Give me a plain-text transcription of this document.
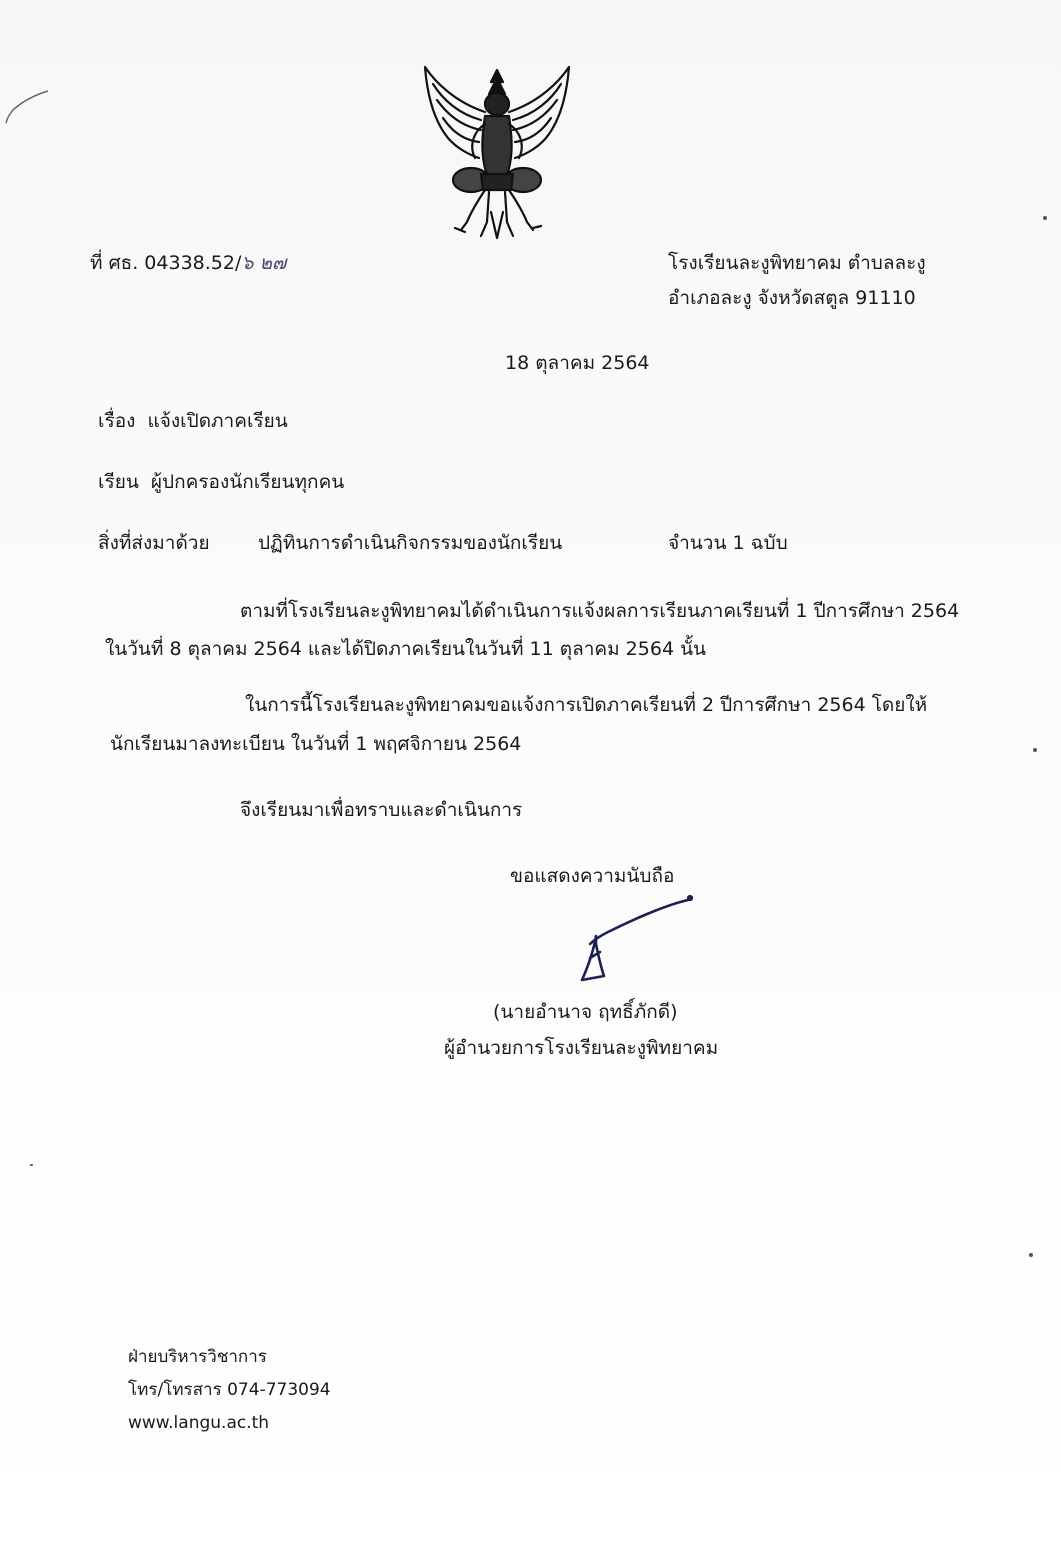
ที่ ศธ. 04338.52/๖ ๒๗	โรงเรียนละงูพิทยาคม ตำบลละงู
อำเภอละงู จังหวัดสตูล 91110
18 ตุลาคม 2564
เรื่อง แจ้งเปิดภาคเรียน
เรียน ผู้ปกครองนักเรียนทุกคน
สิ่งที่ส่งมาด้วย	ปฏิทินการดำเนินกิจกรรมของนักเรียน	จำนวน 1 ฉบับ
ตามที่โรงเรียนละงูพิทยาคมได้ดำเนินการแจ้งผลการเรียนภาคเรียนที่ 1 ปีการศึกษา 2564
ในวันที่ 8 ตุลาคม 2564 และได้ปิดภาคเรียนในวันที่ 11 ตุลาคม 2564 นั้น
ในการนี้โรงเรียนละงูพิทยาคมขอแจ้งการเปิดภาคเรียนที่ 2 ปีการศึกษา 2564 โดยให้
นักเรียนมาลงทะเบียน ในวันที่ 1 พฤศจิกายน 2564
จึงเรียนมาเพื่อทราบและดำเนินการ
ขอแสดงความนับถือ
(นายอำนาจ ฤทธิ์ภักดี)
ผู้อำนวยการโรงเรียนละงูพิทยาคม
ฝ่ายบริหารวิชาการ
โทร/โทรสาร 074-773094
www.langu.ac.th
